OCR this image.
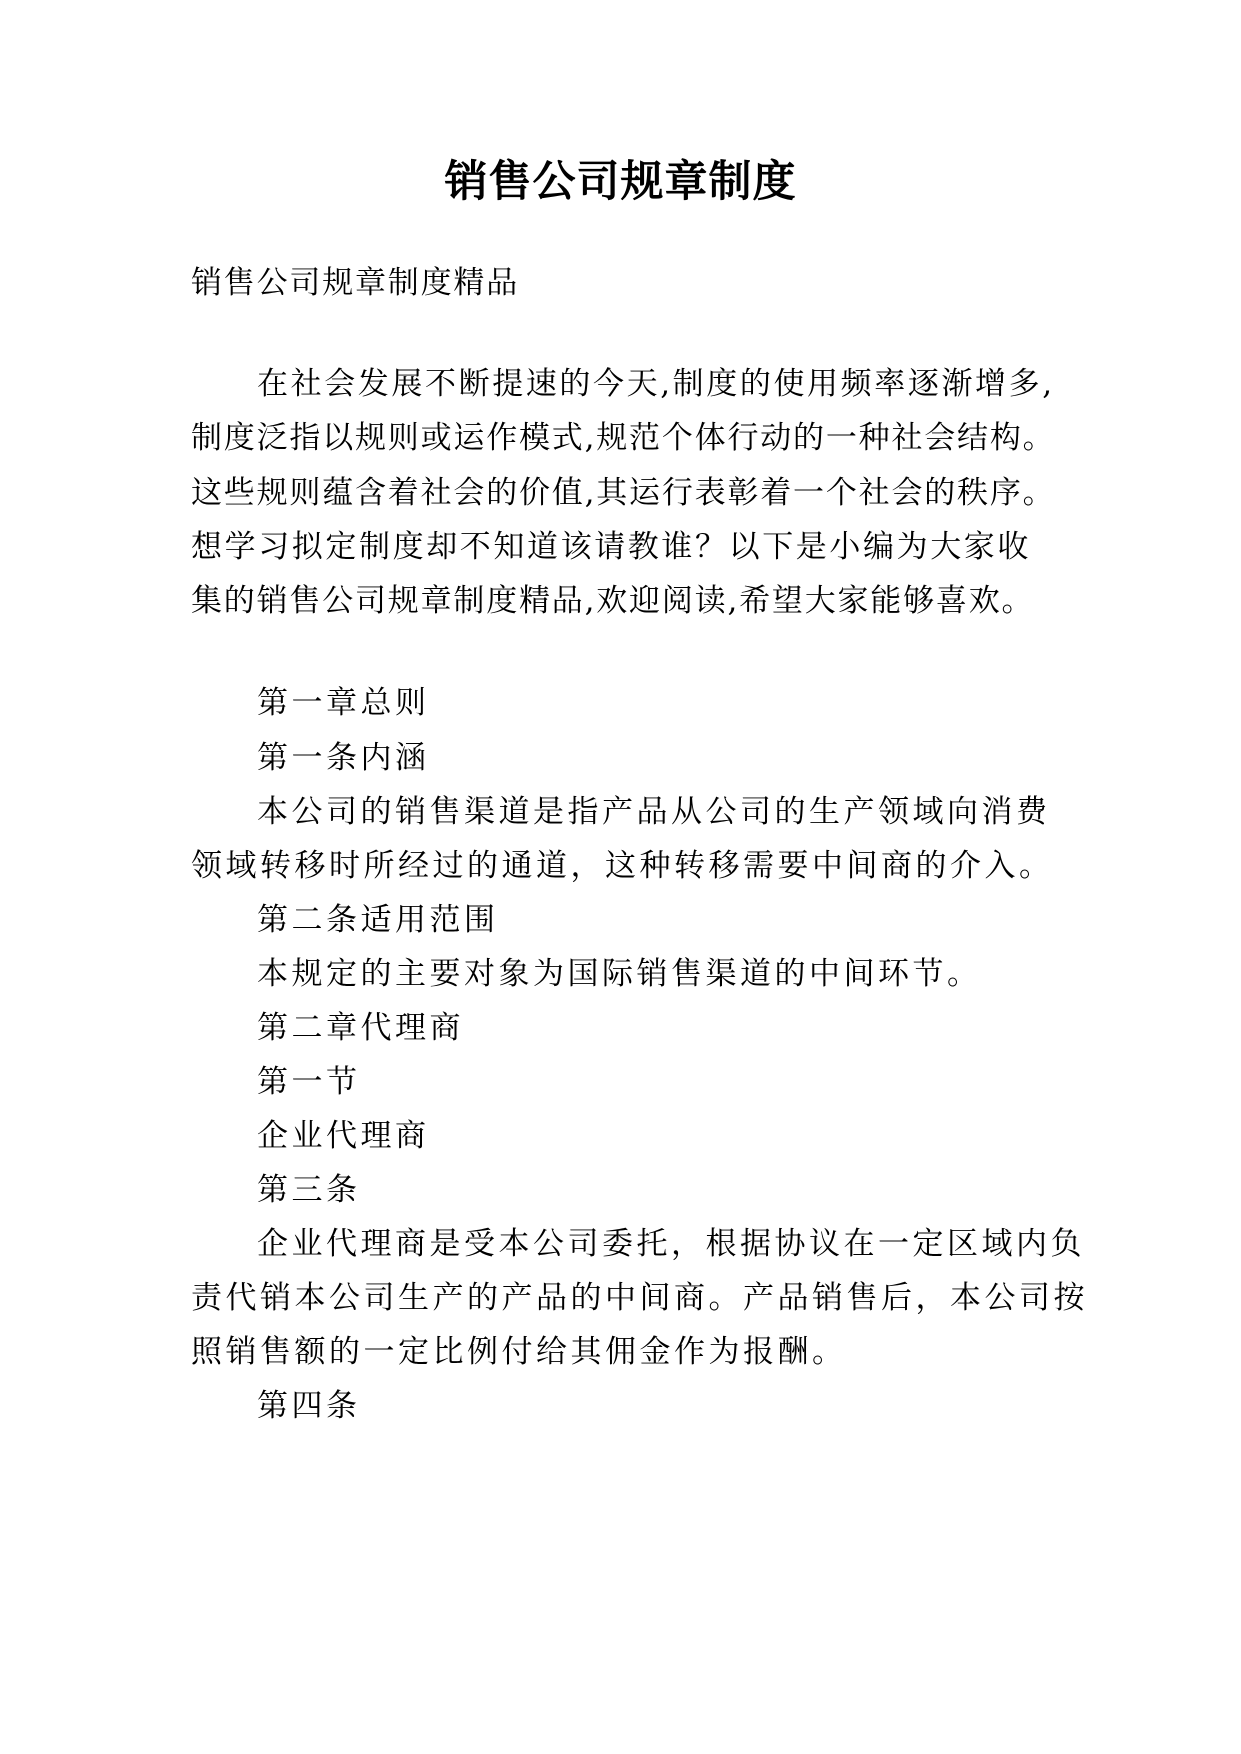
销售公司规章制度
销售公司规章制度精品
在社会发展不断提速的今天,制度的使用频率逐渐增多,
制度泛指以规则或运作模式,规范个体行动的一种社会结构。
这些规则蕴含着社会的价值,其运行表彰着一个社会的秩序。
想学习拟定制度却不知道该请教谁？以下是小编为大家收
集的销售公司规章制度精品,欢迎阅读,希望大家能够喜欢。
第一章总则
第一条内涵
本公司的销售渠道是指产品从公司的生产领域向消费
领域转移时所经过的通道，这种转移需要中间商的介入。
第二条适用范围
本规定的主要对象为国际销售渠道的中间环节。
第二章代理商
第一节
企业代理商
第三条
企业代理商是受本公司委托，根据协议在一定区域内负
责代销本公司生产的产品的中间商。产品销售后，本公司按
照销售额的一定比例付给其佣金作为报酬。
第四条
